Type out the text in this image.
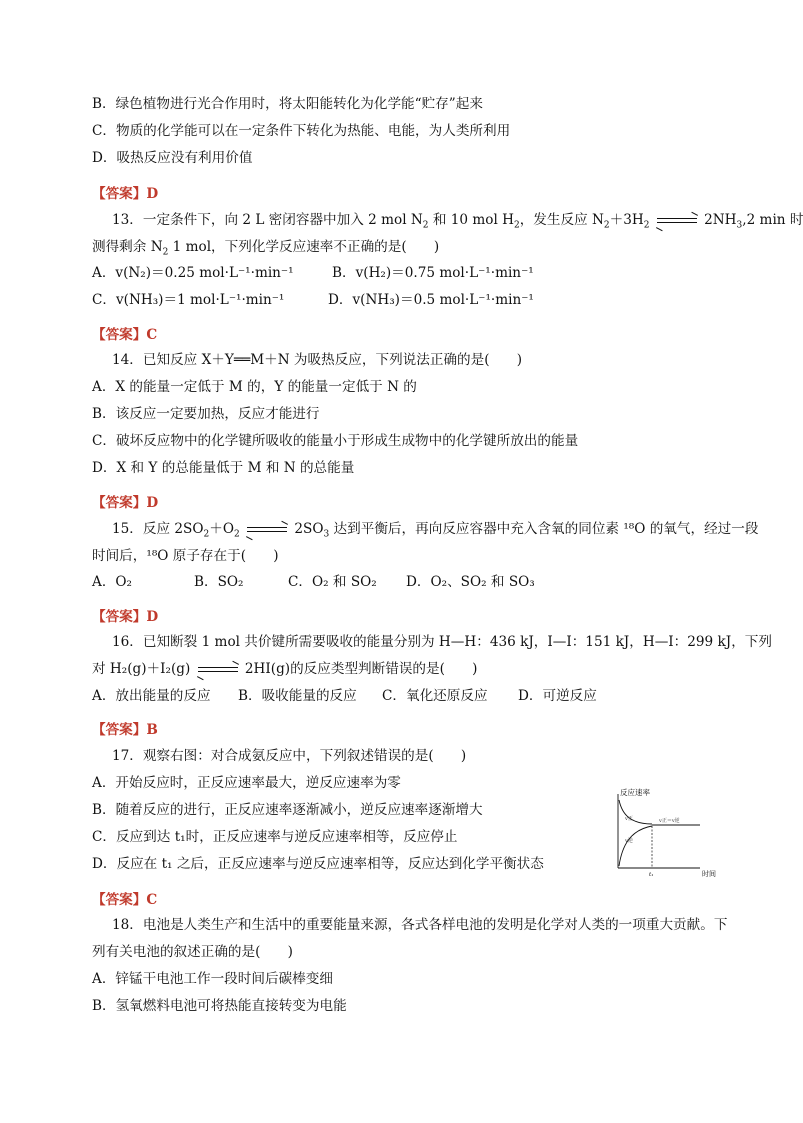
B．绿色植物进行光合作用时，将太阳能转化为化学能“贮存”起来
C．物质的化学能可以在一定条件下转化为热能、电能，为人类所利用
D．吸热反应没有利用价值
【答案】D
13．一定条件下，向 2 L 密闭容器中加入 2 mol $N_2$ 和 10 mol $H_2$，发生反应 $N_2+3H_2$	$2NH_3,2$ min 时
测得剩余 $N_2$ 1 mol，下列化学反应速率不正确的是(　　)
A．v(N₂)＝0.25 mol·L⁻¹·min⁻¹	B．v(H₂)＝0.75 mol·L⁻¹·min⁻¹
C．v(NH₃)＝1 mol·L⁻¹·min⁻¹	D．v(NH₃)＝0.5 mol·L⁻¹·min⁻¹
【答案】C
14．已知反应 X＋Y══M＋N 为吸热反应，下列说法正确的是(　　)
A．X 的能量一定低于 M 的，Y 的能量一定低于 N 的
B．该反应一定要加热，反应才能进行
C．破坏反应物中的化学键所吸收的能量小于形成生成物中的化学键所放出的能量
D．X 和 Y 的总能量低于 M 和 N 的总能量
【答案】D
15．反应 $2SO_2+O_2$	$2SO_3$ 达到平衡后，再向反应容器中充入含氧的同位素 ¹⁸O 的氧气，经过一段
时间后，¹⁸O 原子存在于(　　)
A．O₂	B．SO₂	C．O₂ 和 SO₂ D．O₂、SO₂ 和 SO₃
【答案】D
16．已知断裂 1 mol 共价键所需要吸收的能量分别为 H—H：436 kJ，I—I：151 kJ，H—I：299 kJ，下列
对 H₂(g)＋I₂(g)	2HI(g)的反应类型判断错误的是(　　)
A．放出能量的反应 B．吸收能量的反应 C．氧化还原反应 D．可逆反应
【答案】B
17．观察右图：对合成氨反应中，下列叙述错误的是(　　)
A．开始反应时，正反应速率最大，逆反应速率为零
B．随着反应的进行，正反应速率逐渐减小，逆反应速率逐渐增大
C．反应到达 t₁时，正反应速率与逆反应速率相等，反应停止
D．反应在 t₁ 之后，正反应速率与逆反应速率相等，反应达到化学平衡状态
【答案】C
反应速率
时间
v正
v逆
v正＝v逆
t₁
18．电池是人类生产和生活中的重要能量来源，各式各样电池的发明是化学对人类的一项重大贡献。下
列有关电池的叙述正确的是(　　)
A．锌锰干电池工作一段时间后碳棒变细
B．氢氧燃料电池可将热能直接转变为电能
